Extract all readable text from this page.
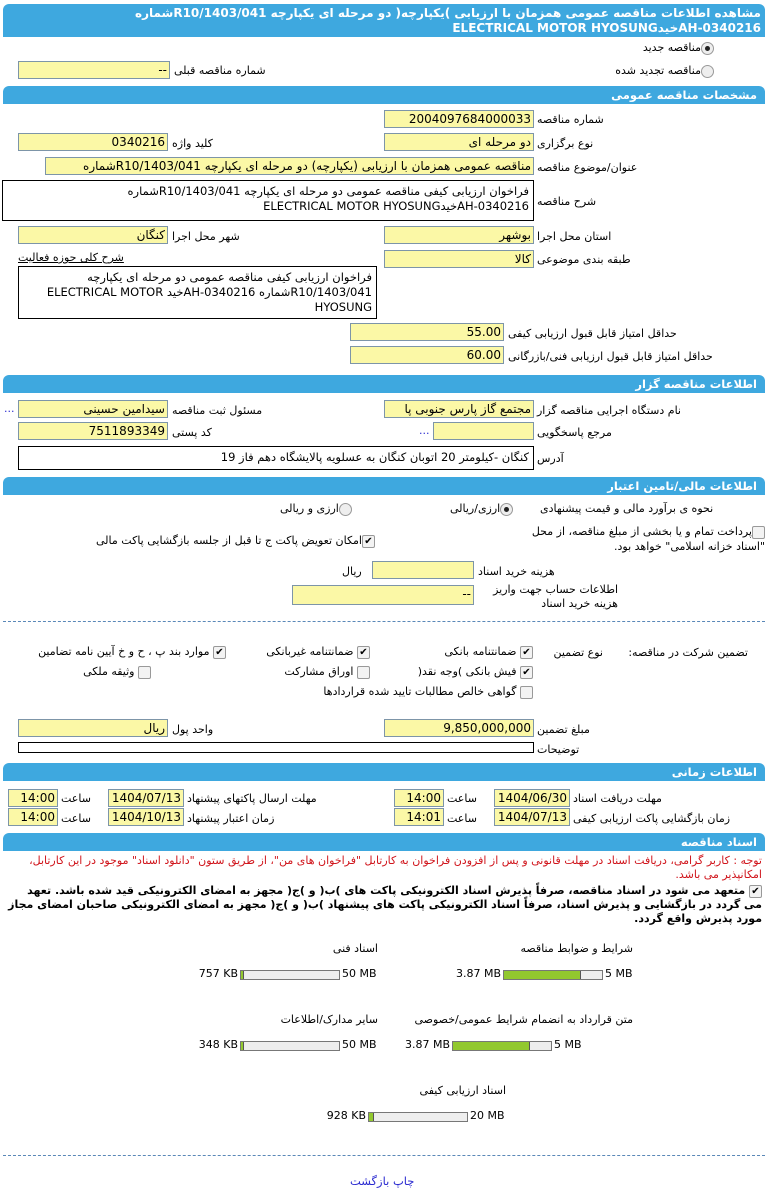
مشاهده اطلاعات مناقصه عمومی همزمان با ارزیابی )یکپارچه( دو مرحله ای یکپارچه R10/1403/041شماره
AH-0340216خيدELECTRICAL MOTOR HYOSUNG
مناقصه جدید
مناقصه تجدید شده
شماره مناقصه قبلی
--
مشخصات مناقصه عمومی
شماره مناقصه
2004097684000033
نوع برگزاری
دو مرحله ای
کلید واژه
0340216
عنوان/موضوع مناقصه
مناقصه عمومی همزمان با ارزیابی (یکپارچه) دو مرحله ای یکپارچه R10/1403/041شماره
شرح مناقصه
فراخوان ارزیابی کیفی مناقصه عمومی دو مرحله ای یکپارچه R10/1403/041شماره
AH-0340216خيدELECTRICAL MOTOR HYOSUNG
استان محل اجرا
بوشهر
شهر محل اجرا
کنگان
طبقه بندی موضوعی
کالا
شرح کلی حوزه فعالیت
فراخوان ارزیابی کیفی مناقصه عمومی دو مرحله ای یکپارچه R10/1403/041شماره AH-0340216خيد ELECTRICAL MOTOR HYOSUNG
حداقل امتیاز قابل قبول ارزیابی کیفی
55.00
حداقل امتیاز قابل قبول ارزیابی فنی/بازرگانی
60.00
اطلاعات مناقصه گزار
نام دستگاه اجرایی مناقصه گزار
مجتمع گاز پارس جنوبی پا
مسئول ثبت مناقصه
سیدامین حسینی
...
مرجع پاسخگویی
...
کد پستی
7511893349
آدرس
کنگان -کیلومتر 20 اتوبان کنگان به عسلویه پالایشگاه دهم فاز 19
اطلاعات مالی/تامین اعتبار
نحوه ی برآورد مالی و قیمت پیشنهادی
ارزی/ریالی
ارزی و ریالی
پرداخت تمام و یا بخشی از مبلغ مناقصه، از محل "اسناد خزانه اسلامی" خواهد بود.
✔امکان تعویض پاکت ج تا قبل از جلسه بازگشایی پاکت مالی
هزینه خرید اسناد
ریال
اطلاعات حساب جهت واریز هزینه خرید اسناد
--
تضمین شرکت در مناقصه:
نوع تضمین
✔ ضمانتنامه بانکی
✔ ضمانتنامه غیربانکی
✔ موارد بند پ ، ح و خ آیین نامه تضامین
✔ فیش بانکی )وجه نقد(
اوراق مشارکت
وثیقه ملکی
گواهی خالص مطالبات تایید شده قراردادها
مبلغ تضمین
9,850,000,000
واحد پول
ریال
توضیحات
اطلاعات زمانی
مهلت دریافت اسناد
1404/06/30
ساعت
14:00
مهلت ارسال پاکتهای پیشنهاد
1404/07/13
ساعت
14:00
زمان بازگشایی پاکت ارزیابی کیفی
1404/07/13
ساعت
14:01
زمان اعتبار پیشنهاد
1404/10/13
ساعت
14:00
اسناد مناقصه
توجه : کاربر گرامی، دریافت اسناد در مهلت قانونی و پس از افزودن فراخوان به کارتابل "فراخوان های من"، از طریق ستون "دانلود اسناد" موجود در این کارتابل، امکانپذیر می باشد.
✔ متعهد می شود در اسناد مناقصه، صرفاً پذیرش اسناد الکترونیکی پاکت های )ب( و )ج( مجهز به امضای الکترونیکی قید شده باشد. تعهد می گردد در بازگشایی و پذیرش اسناد، صرفاً اسناد الکترونیکی پاکت های پیشنهاد )ب( و )ج( مجهز به امضای الکترونیکی صاحبان امضای مجاز مورد پذیرش واقع گردد.
شرایط و ضوابط مناقصه
3.87 MB	5 MB
اسناد فنی
757 KB	50 MB
متن قرارداد به انضمام شرایط عمومی/خصوصی
3.87 MB	5 MB
سایر مدارک/اطلاعات
348 KB	50 MB
اسناد ارزیابی کیفی
928 KB	20 MB
چاپ بازگشت
